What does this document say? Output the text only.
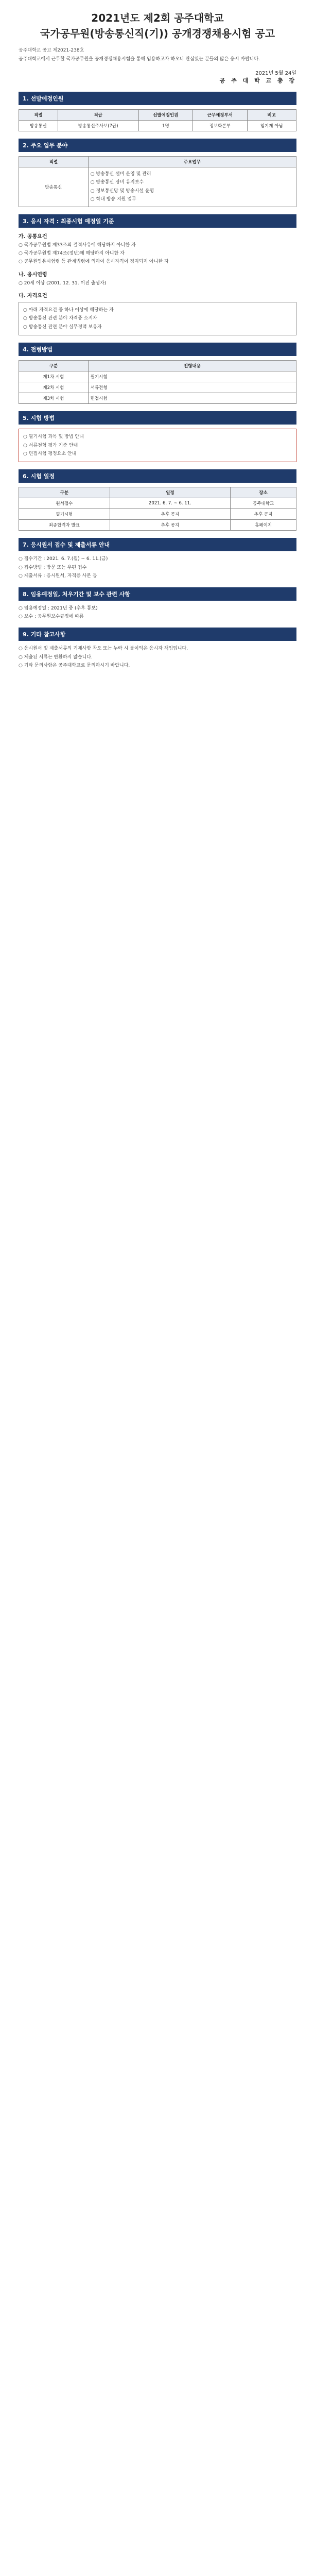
2021년도 제2회 공주대학교
국가공무원(방송통신직(기)) 공개경쟁채용시험 공고
공주대학교 공고 제2021-238호
공주대학교에서 근무할 국가공무원을 공개경쟁채용시험을 통해 임용하고자 하오니 관심있는 분들의 많은 응시 바랍니다.
2021년 5월 24일
공 주 대 학 교 총 장
1. 선발예정인원
직렬	직급	선발예정인원	근무예정부서	비고
방송통신	방송통신주사보(7급)	1명	정보화본부	임기제 아님
2. 주요 업무 분야
직렬	주요업무
방송통신	○ 방송통신 설비 운영 및 관리
○ 방송통신 장비 유지보수
○ 정보통신망 및 방송시설 운영
○ 학내 방송 지원 업무
3. 응시 자격 : 최종시험 예정일 기준
가. 공통요건
○ 국가공무원법 제33조의 결격사유에 해당하지 아니한 자
○ 국가공무원법 제74조(정년)에 해당하지 아니한 자
○ 공무원임용시험령 등 관계법령에 의하여 응시자격이 정지되지 아니한 자
나. 응시연령
○ 20세 이상 (2001. 12. 31. 이전 출생자)
다. 자격요건
○ 아래 자격요건 중 하나 이상에 해당하는 자
○ 방송통신 관련 분야 자격증 소지자
○ 방송통신 관련 분야 실무경력 보유자
4. 전형방법
구분	전형내용
제1차 시험	필기시험
제2차 시험	서류전형
제3차 시험	면접시험
5. 시험 방법
○ 필기시험 과목 및 방법 안내
○ 서류전형 평가 기준 안내
○ 면접시험 평정요소 안내
6. 시험 일정
구분	일정	장소
원서접수	2021. 6. 7. ~ 6. 11.	공주대학교
필기시험	추후 공지	추후 공지
최종합격자 발표	추후 공지	홈페이지
7. 응시원서 접수 및 제출서류 안내
○ 접수기간 : 2021. 6. 7.(월) ~ 6. 11.(금)
○ 접수방법 : 방문 또는 우편 접수
○ 제출서류 : 응시원서, 자격증 사본 등
8. 임용예정일, 처우기간 및 보수 관련 사항
○ 임용예정일 : 2021년 중 (추후 통보)
○ 보수 : 공무원보수규정에 따름
9. 기타 참고사항
○ 응시원서 및 제출서류의 기재사항 착오 또는 누락 시 불이익은 응시자 책임입니다.
○ 제출된 서류는 반환하지 않습니다.
○ 기타 문의사항은 공주대학교로 문의하시기 바랍니다.
